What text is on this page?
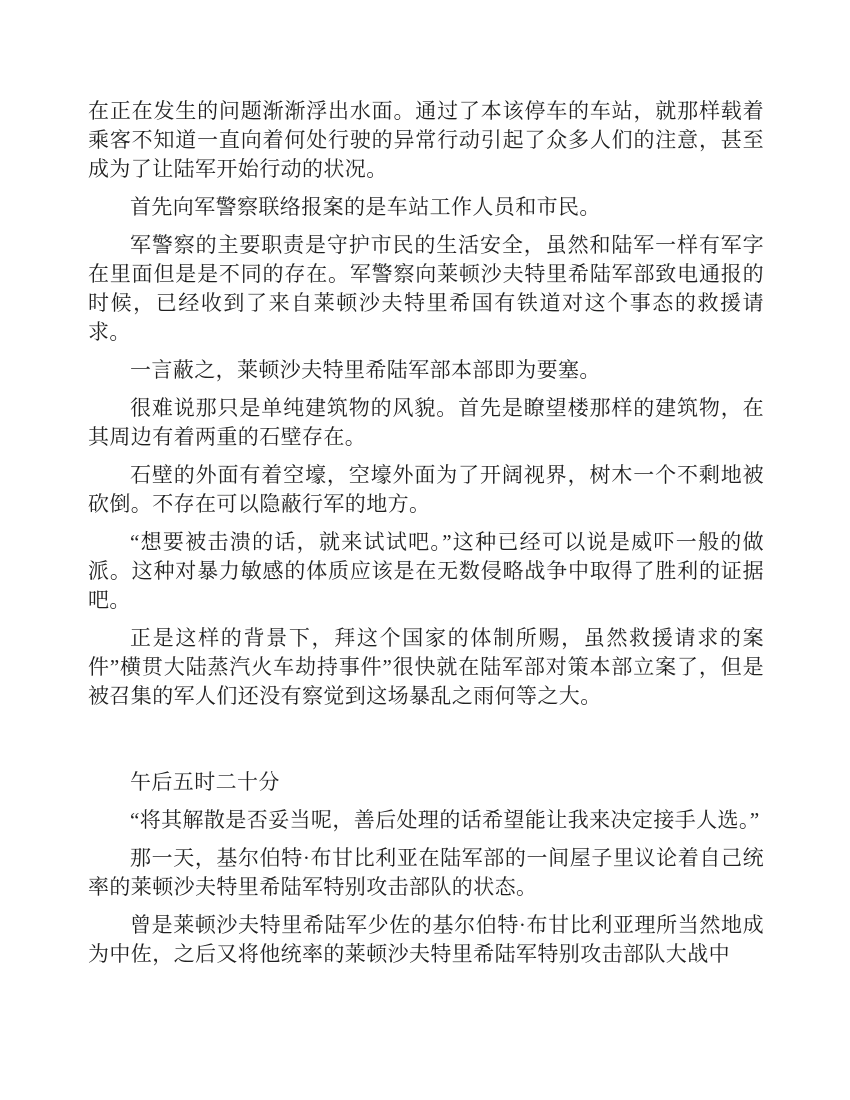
在正在发生的问题渐渐浮出水面。通过了本该停车的车站，就那样载着乘客不知道一直向着何处行驶的异常行动引起了众多人们的注意，甚至成为了让陆军开始行动的状况。

首先向军警察联络报案的是车站工作人员和市民。

军警察的主要职责是守护市民的生活安全，虽然和陆军一样有军字在里面但是是不同的存在。军警察向莱顿沙夫特里希陆军部致电通报的时候，已经收到了来自莱顿沙夫特里希国有铁道对这个事态的救援请求。

一言蔽之，莱顿沙夫特里希陆军部本部即为要塞。

很难说那只是单纯建筑物的风貌。首先是瞭望楼那样的建筑物，在其周边有着两重的石壁存在。

石壁的外面有着空壕，空壕外面为了开阔视界，树木一个不剩地被砍倒。不存在可以隐蔽行军的地方。

“想要被击溃的话，就来试试吧。”这种已经可以说是威吓一般的做派。这种对暴力敏感的体质应该是在无数侵略战争中取得了胜利的证据吧。

正是这样的背景下，拜这个国家的体制所赐，虽然救援请求的案件”横贯大陆蒸汽火车劫持事件”很快就在陆军部对策本部立案了，但是被召集的军人们还没有察觉到这场暴乱之雨何等之大。

午后五时二十分

“将其解散是否妥当呢，善后处理的话希望能让我来决定接手人选。”

那一天，基尔伯特·布甘比利亚在陆军部的一间屋子里议论着自己统率的莱顿沙夫特里希陆军特别攻击部队的状态。

曾是莱顿沙夫特里希陆军少佐的基尔伯特·布甘比利亚理所当然地成为中佐，之后又将他统率的莱顿沙夫特里希陆军特别攻击部队大战中
